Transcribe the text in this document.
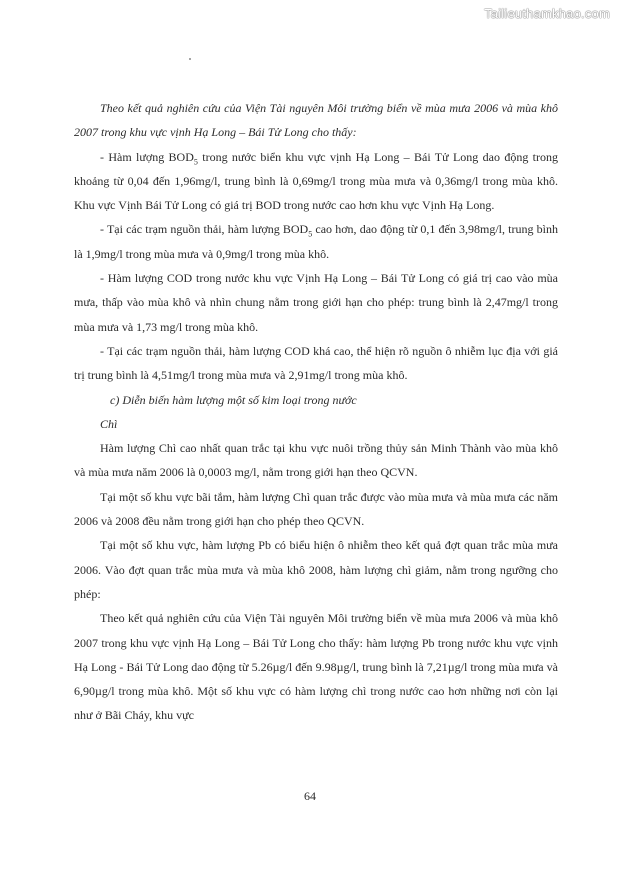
Tailieuthamkhao.com

Theo kết quả nghiên cứu của Viện Tài nguyên Môi trường biển về mùa mưa 2006 và mùa khô 2007 trong khu vực vịnh Hạ Long – Bái Tử Long cho thấy:

- Hàm lượng $BOD_5$ trong nước biển khu vực vịnh Hạ Long – Bái Tử Long dao động trong khoảng từ 0,04 đến 1,96mg/l, trung bình là 0,69mg/l trong mùa mưa và 0,36mg/l trong mùa khô. Khu vực Vịnh Bái Tử Long có giá trị BOD trong nước cao hơn khu vực Vịnh Hạ Long.

- Tại các trạm nguồn thải, hàm lượng $BOD_5$ cao hơn, dao động từ 0,1 đến 3,98mg/l, trung bình là 1,9mg/l trong mùa mưa và 0,9mg/l trong mùa khô.

- Hàm lượng COD trong nước khu vực Vịnh Hạ Long – Bái Tử Long có giá trị cao vào mùa mưa, thấp vào mùa khô và nhìn chung nằm trong giới hạn cho phép: trung bình là 2,47mg/l trong mùa mưa và 1,73 mg/l trong mùa khô.

- Tại các trạm nguồn thải, hàm lượng COD khá cao, thể hiện rõ nguồn ô nhiễm lục địa với giá trị trung bình là 4,51mg/l trong mùa mưa và 2,91mg/l trong mùa khô.

c) Diễn biến hàm lượng một số kim loại trong nước

Chì

Hàm lượng Chì cao nhất quan trắc tại khu vực nuôi trồng thủy sản Minh Thành vào mùa khô và mùa mưa năm 2006 là 0,0003 mg/l, nằm trong giới hạn theo QCVN.

Tại một số khu vực bãi tắm, hàm lượng Chì quan trắc được vào mùa mưa và mùa mưa các năm 2006 và 2008 đều nằm trong giới hạn cho phép theo QCVN.

Tại một số khu vực, hàm lượng Pb có biểu hiện ô nhiễm theo kết quả đợt quan trắc mùa mưa 2006. Vào đợt quan trắc mùa mưa và mùa khô 2008, hàm lượng chì giảm, nằm trong ngưỡng cho phép:

Theo kết quả nghiên cứu của Viện Tài nguyên Môi trường biển về mùa mưa 2006 và mùa khô 2007 trong khu vực vịnh Hạ Long – Bái Tử Long cho thấy: hàm lượng Pb trong nước khu vực vịnh Hạ Long - Bái Tử Long dao động từ 5.26µg/l đến 9.98µg/l, trung bình là 7,21µg/l trong mùa mưa và 6,90µg/l trong mùa khô. Một số khu vực có hàm lượng chì trong nước cao hơn những nơi còn lại như ở Bãi Cháy, khu vực

64
